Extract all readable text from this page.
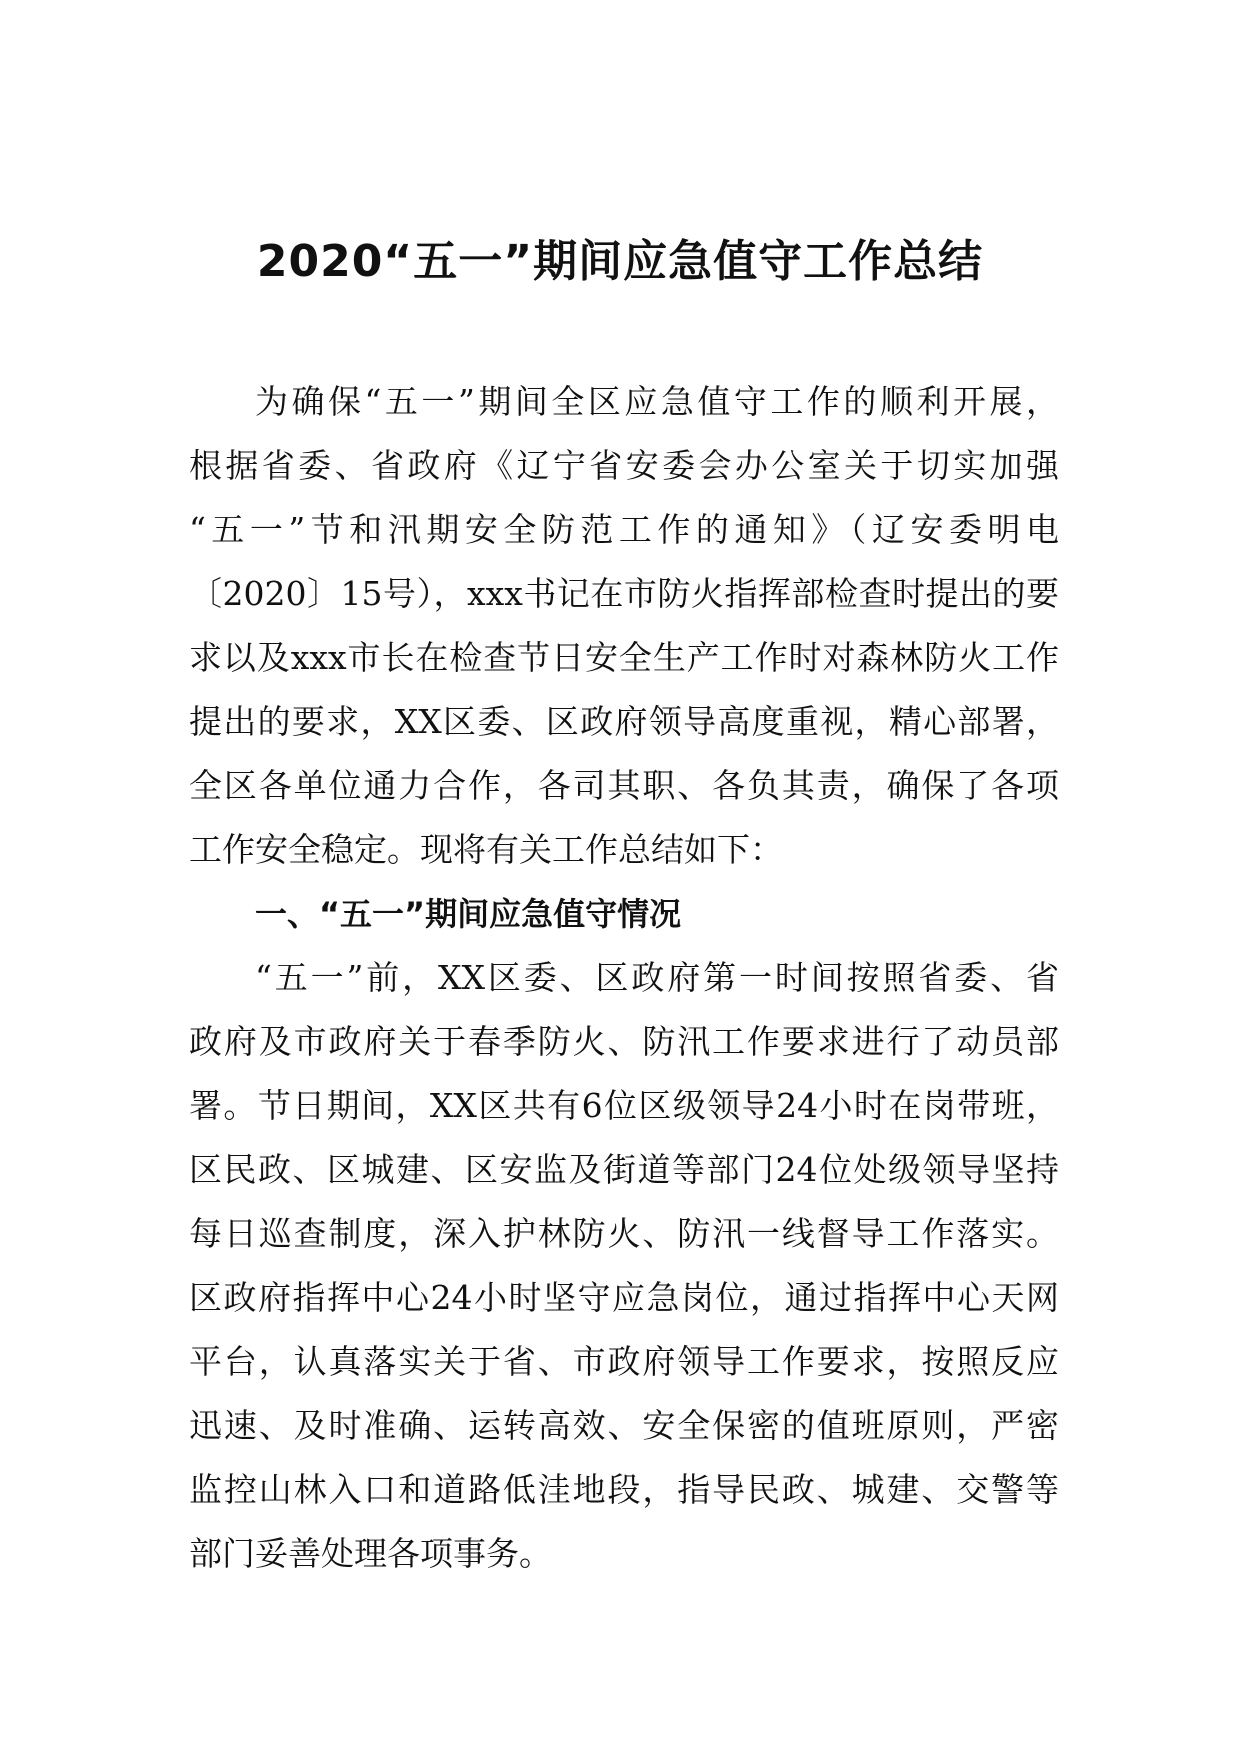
2020“五一”期间应急值守工作总结
为确保“五一”期间全区应急值守工作的顺利开展，
根据省委、省政府《辽宁省安委会办公室关于切实加强
“五一”节和汛期安全防范工作的通知》（辽安委明电
〔2020〕15号），xxx书记在市防火指挥部检查时提出的要
求以及xxx市长在检查节日安全生产工作时对森林防火工作
提出的要求，XX区委、区政府领导高度重视，精心部署，
全区各单位通力合作，各司其职、各负其责，确保了各项
工作安全稳定。现将有关工作总结如下：
一、“五一”期间应急值守情况
“五一”前，XX区委、区政府第一时间按照省委、省
政府及市政府关于春季防火、防汛工作要求进行了动员部
署。节日期间，XX区共有6位区级领导24小时在岗带班，
区民政、区城建、区安监及街道等部门24位处级领导坚持
每日巡查制度，深入护林防火、防汛一线督导工作落实。
区政府指挥中心24小时坚守应急岗位，通过指挥中心天网
平台，认真落实关于省、市政府领导工作要求，按照反应
迅速、及时准确、运转高效、安全保密的值班原则，严密
监控山林入口和道路低洼地段，指导民政、城建、交警等
部门妥善处理各项事务。
